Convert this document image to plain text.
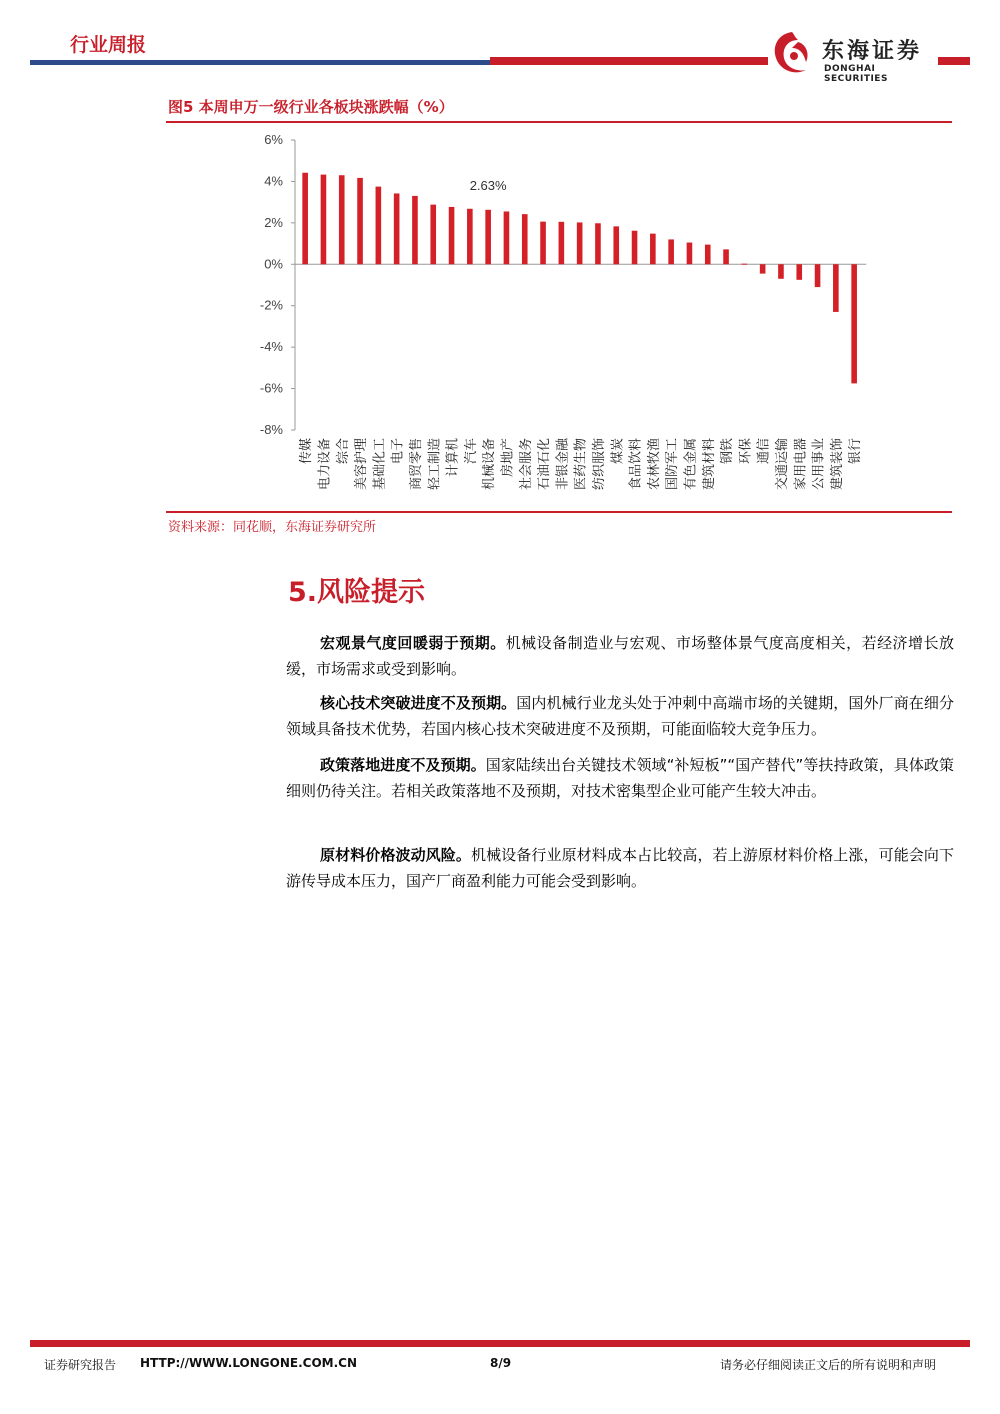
行业周报	东海证券
DONGHAI SECURITIES
图5 本周申万一级行业各板块涨跌幅（%）
6%
4%
2%
0%
-2%
-4%
-6%
-8%
传媒 电力设备 综合 美容护理 基础化工 电子 商贸零售 轻工制造 计算机 汽车 机械设备
2.63%
房地产 社会服务 石油石化 非银金融 医药生物 纺织服饰 煤炭 食品饮料 农林牧渔 国防军工 有色金属 建筑材料 钢铁 环保 通信 交通运输 家用电器 公用事业 建筑装饰 银行
资料来源：同花顺，东海证券研究所
5.风险提示
宏观景气度回暖弱于预期。机械设备制造业与宏观、市场整体景气度高度相关，若经济增长放缓，市场需求或受到影响。
核心技术突破进度不及预期。国内机械行业龙头处于冲刺中高端市场的关键期，国外厂商在细分领域具备技术优势，若国内核心技术突破进度不及预期，可能面临较大竞争压力。
政策落地进度不及预期。国家陆续出台关键技术领域“补短板”“国产替代”等扶持政策，具体政策细则仍待关注。若相关政策落地不及预期，对技术密集型企业可能产生较大冲击。
原材料价格波动风险。机械设备行业原材料成本占比较高，若上游原材料价格上涨，可能会向下游传导成本压力，国产厂商盈利能力可能会受到影响。
证券研究报告 HTTP://WWW.LONGONE.COM.CN	8/9	请务必仔细阅读正文后的所有说明和声明
